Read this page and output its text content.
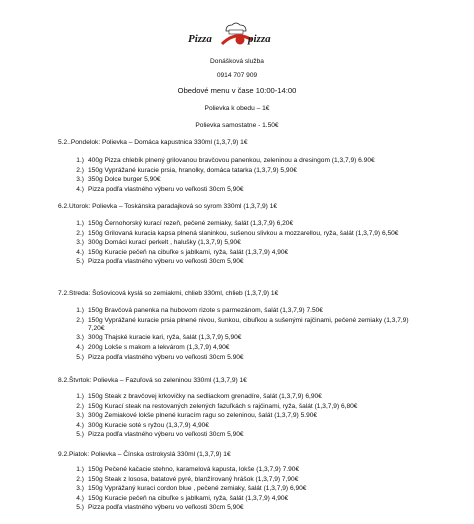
Pizza	pizza
Donášková služba
0914 707 909
Obedové menu v čase 10:00-14:00
Polievka k obedu – 1€
Polievka samostatne - 1.50€
5.2..Pondelok: Polievka – Domáca kapustnica 330ml (1,3,7,9) 1€
1.) 400g Pizza chlebík plnený grilovanou bravčovou panenkou, zeleninou a dresingom (1,3,7,9) 6.90€
2.) 150g Vyprážané kuracie prsia, hranolky, domáca tatarka (1,3,7,9) 5,90€
3.) 350g Dolce burger 5,90€
4.) Pizza podľa vlastného výberu vo veľkosti 30cm 5,90€
6.2.Utorok: Polievka – Toskánska paradajková so syrom 330ml (1,3,7,9) 1€
1.) 150g Černohorský kurací rezeň, pečené zemiaky, šalát (1,3,7,9) 6,20€
2.) 150g Grilovaná kuracia kapsa plnená slaninkou, sušenou slivkou a mozzarellou, ryža, šalát (1,3,7,9) 6,50€
3.) 300g Domáci kurací perkelt , halušky (1,3,7,9) 5,90€
4.) 150g Kuracie pečeň na cibuľke s jablkami, ryža, šalát (1,3,7,9) 4,90€
5.) Pizza podľa vlastného výberu vo veľkosti 30cm 5,90€
7.2.Streda: Šošovicová kyslá so zemiakmi, chlieb 330ml, chlieb (1,3,7,9) 1€
1.) 150g Bravčová panenka na hubovom rizote s parmezánom, šalát (1,3,7,9) 7.50€
2.) 150g Vyprážané kuracie prsia plnené nivou, šunkou, cibuľkou a sušenými rajčinami, pečené zemiaky (1,3,7,9) 7,20€
3.) 300g Thajské kuracie kari, ryža, šalát (1,3,7,9) 5,90€
4.) 200g Lokše s makom a lekvárom (1,3,7,9) 4,90€
5.) Pizza podľa vlastného výberu vo veľkosti 30cm 5.90€
8.2.Štvrtok: Polievka – Fazuľová so zeleninou 330ml (1,3,7,9) 1€
1.) 150g Steak z bravčovej krkovičky na sedliackom grenadíre, šalát (1,3,7,9) 6,90€
2.) 150g Kurací steak na restovaných zelených fazuľkách s rajčinami, ryža, šalát (1,3,7,9) 6,80€
3.) 300g Zemiakové lokše plnené kuracím ragu so zeleninou, šalát (1,3,7,9) 5.90€
4.) 300g Kuracie soté s ryžou (1,3,7,9) 4,90€
5.) Pizza podľa vlastného výberu vo veľkosti 30cm 5,90€
9.2.Piatok: Polievka – Čínska ostrokyslá 330ml (1,3,7,9) 1€
1.) 150g Pečené kačacie stehno, karamelová kapusta, lokše (1,3,7,9) 7.90€
2.) 150g Steak z lososa, batatové pyré, blanžírovaný hrášok (1,3,7,9) 7,90€
3.) 150g Vyprážaný kurací cordon blue , pečené zemiaky, šalát (1,3,7,9) 6,90€
4.) 150g Kuracie pečeň na cibuľke s jablkami, ryža, šalát (1,3,7,9) 4,90€
5.) Pizza podľa vlastného výberu vo veľkosti 30cm 5,90€
